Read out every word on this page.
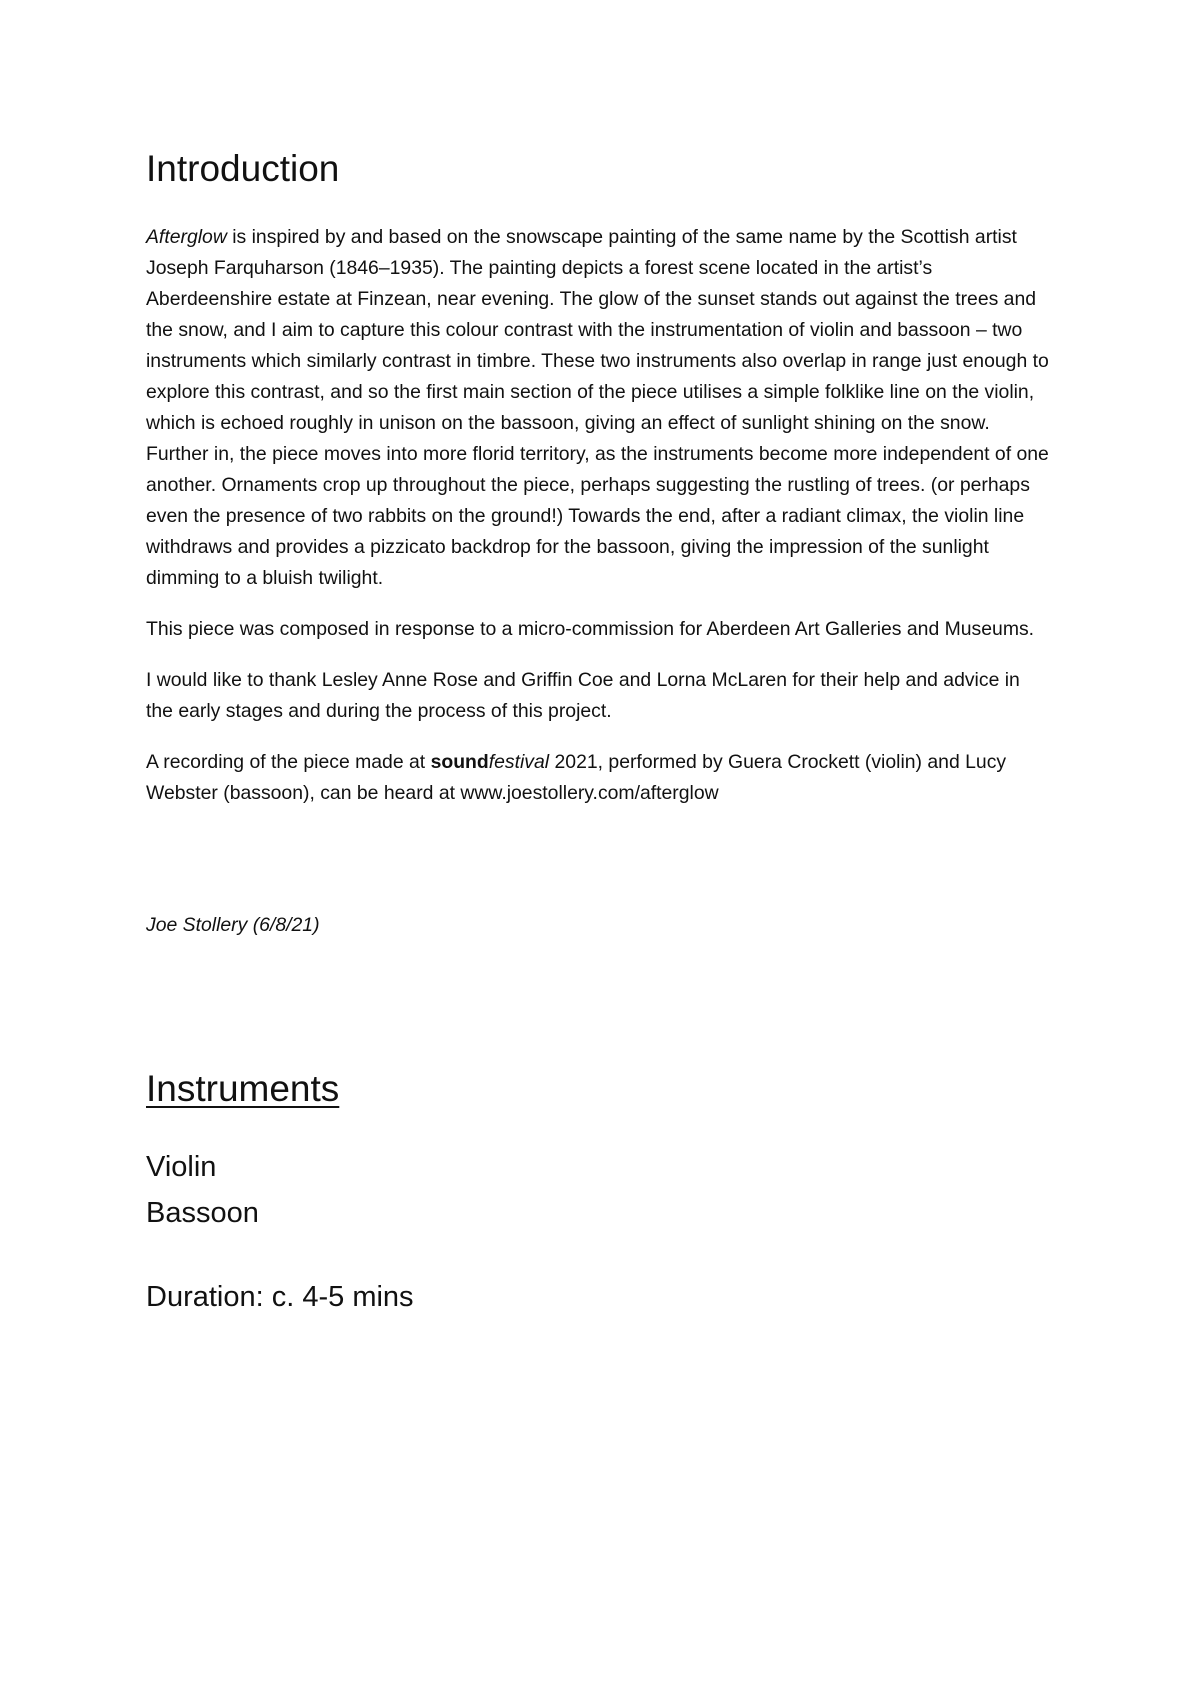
Introduction

Afterglow is inspired by and based on the snowscape painting of the same name by the Scottish artist Joseph Farquharson (1846–1935). The painting depicts a forest scene located in the artist’s Aberdeenshire estate at Finzean, near evening. The glow of the sunset stands out against the trees and the snow, and I aim to capture this colour contrast with the instrumentation of violin and bassoon – two instruments which similarly contrast in timbre. These two instruments also overlap in range just enough to explore this contrast, and so the first main section of the piece utilises a simple folklike line on the violin, which is echoed roughly in unison on the bassoon, giving an effect of sunlight shining on the snow. Further in, the piece moves into more florid territory, as the instruments become more independent of one another. Ornaments crop up throughout the piece, perhaps suggesting the rustling of trees. (or perhaps even the presence of two rabbits on the ground!) Towards the end, after a radiant climax, the violin line withdraws and provides a pizzicato backdrop for the bassoon, giving the impression of the sunlight dimming to a bluish twilight.

This piece was composed in response to a micro-commission for Aberdeen Art Galleries and Museums.

I would like to thank Lesley Anne Rose and Griffin Coe and Lorna McLaren for their help and advice in the early stages and during the process of this project.

A recording of the piece made at soundfestival 2021, performed by Guera Crockett (violin) and Lucy Webster (bassoon), can be heard at www.joestollery.com/afterglow

Joe Stollery (6/8/21)
Instruments
Violin
Bassoon
Duration: c. 4-5 mins
